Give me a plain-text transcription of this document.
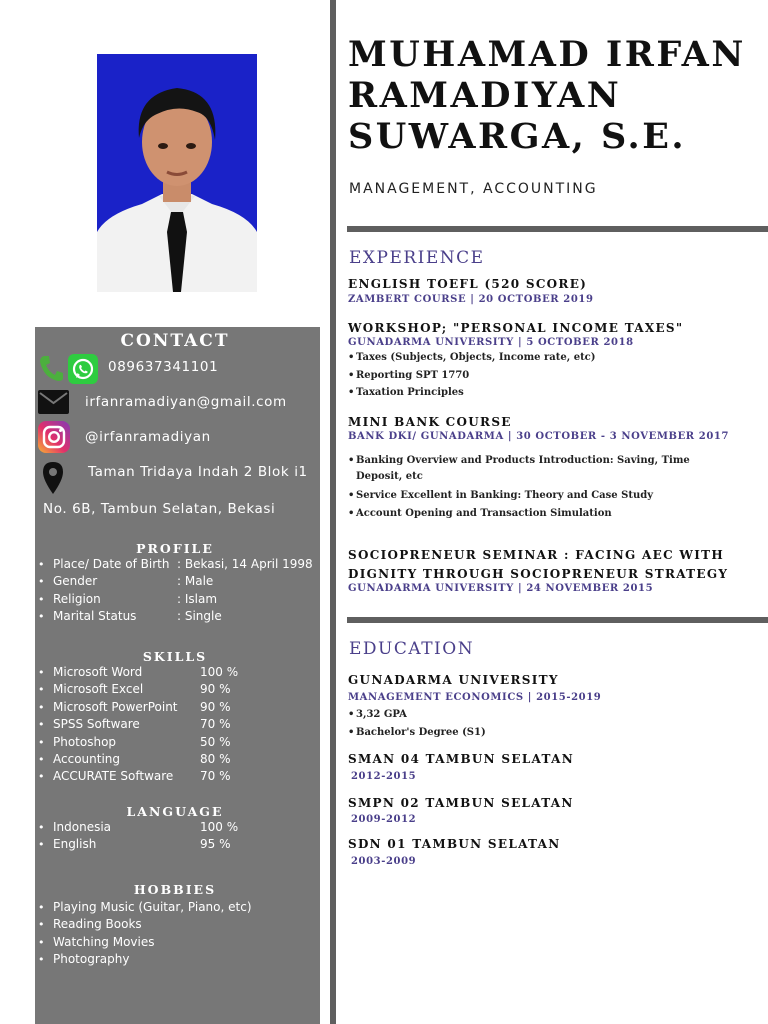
CONTACT
089637341101
irfanramadiyan@gmail.com
@irfanramadiyan
Taman Tridaya Indah 2 Blok i1
No. 6B, Tambun Selatan, Bekasi
PROFILE
• Place/ Date of Birth : Bekasi, 14 April 1998
• Gender	: Male
• Religion	: Islam
• Marital Status	: Single
SKILLS
• Microsoft Word	100 %
• Microsoft Excel	90 %
• Microsoft PowerPoint 90 %
• SPSS Software	70 %
• Photoshop	50 %
• Accounting	80 %
• ACCURATE Software 70 %
LANGUAGE
• Indonesia	100 %
• English	95 %
HOBBIES
• Playing Music (Guitar, Piano, etc)
• Reading Books
• Watching Movies
• Photography
MUHAMAD IRFAN
RAMADIYAN
SUWARGA, S.E.
MANAGEMENT, ACCOUNTING
EXPERIENCE
ENGLISH TOEFL (520 SCORE)
ZAMBERT COURSE | 20 OCTOBER 2019
WORKSHOP; "PERSONAL INCOME TAXES"
GUNADARMA UNIVERSITY | 5 OCTOBER 2018
• Taxes (Subjects, Objects, Income rate, etc)
• Reporting SPT 1770
• Taxation Principles
MINI BANK COURSE
BANK DKI/ GUNADARMA | 30 OCTOBER - 3 NOVEMBER 2017
• Banking Overview and Products Introduction: Saving, Time Deposit, etc
• Service Excellent in Banking: Theory and Case Study
• Account Opening and Transaction Simulation
SOCIOPRENEUR SEMINAR : FACING AEC WITH
DIGNITY THROUGH SOCIOPRENEUR STRATEGY
GUNADARMA UNIVERSITY | 24 NOVEMBER 2015
EDUCATION
GUNADARMA UNIVERSITY
MANAGEMENT ECONOMICS | 2015-2019
• 3,32 GPA
• Bachelor's Degree (S1)
SMAN 04 TAMBUN SELATAN
2012-2015
SMPN 02 TAMBUN SELATAN
2009-2012
SDN 01 TAMBUN SELATAN
2003-2009
